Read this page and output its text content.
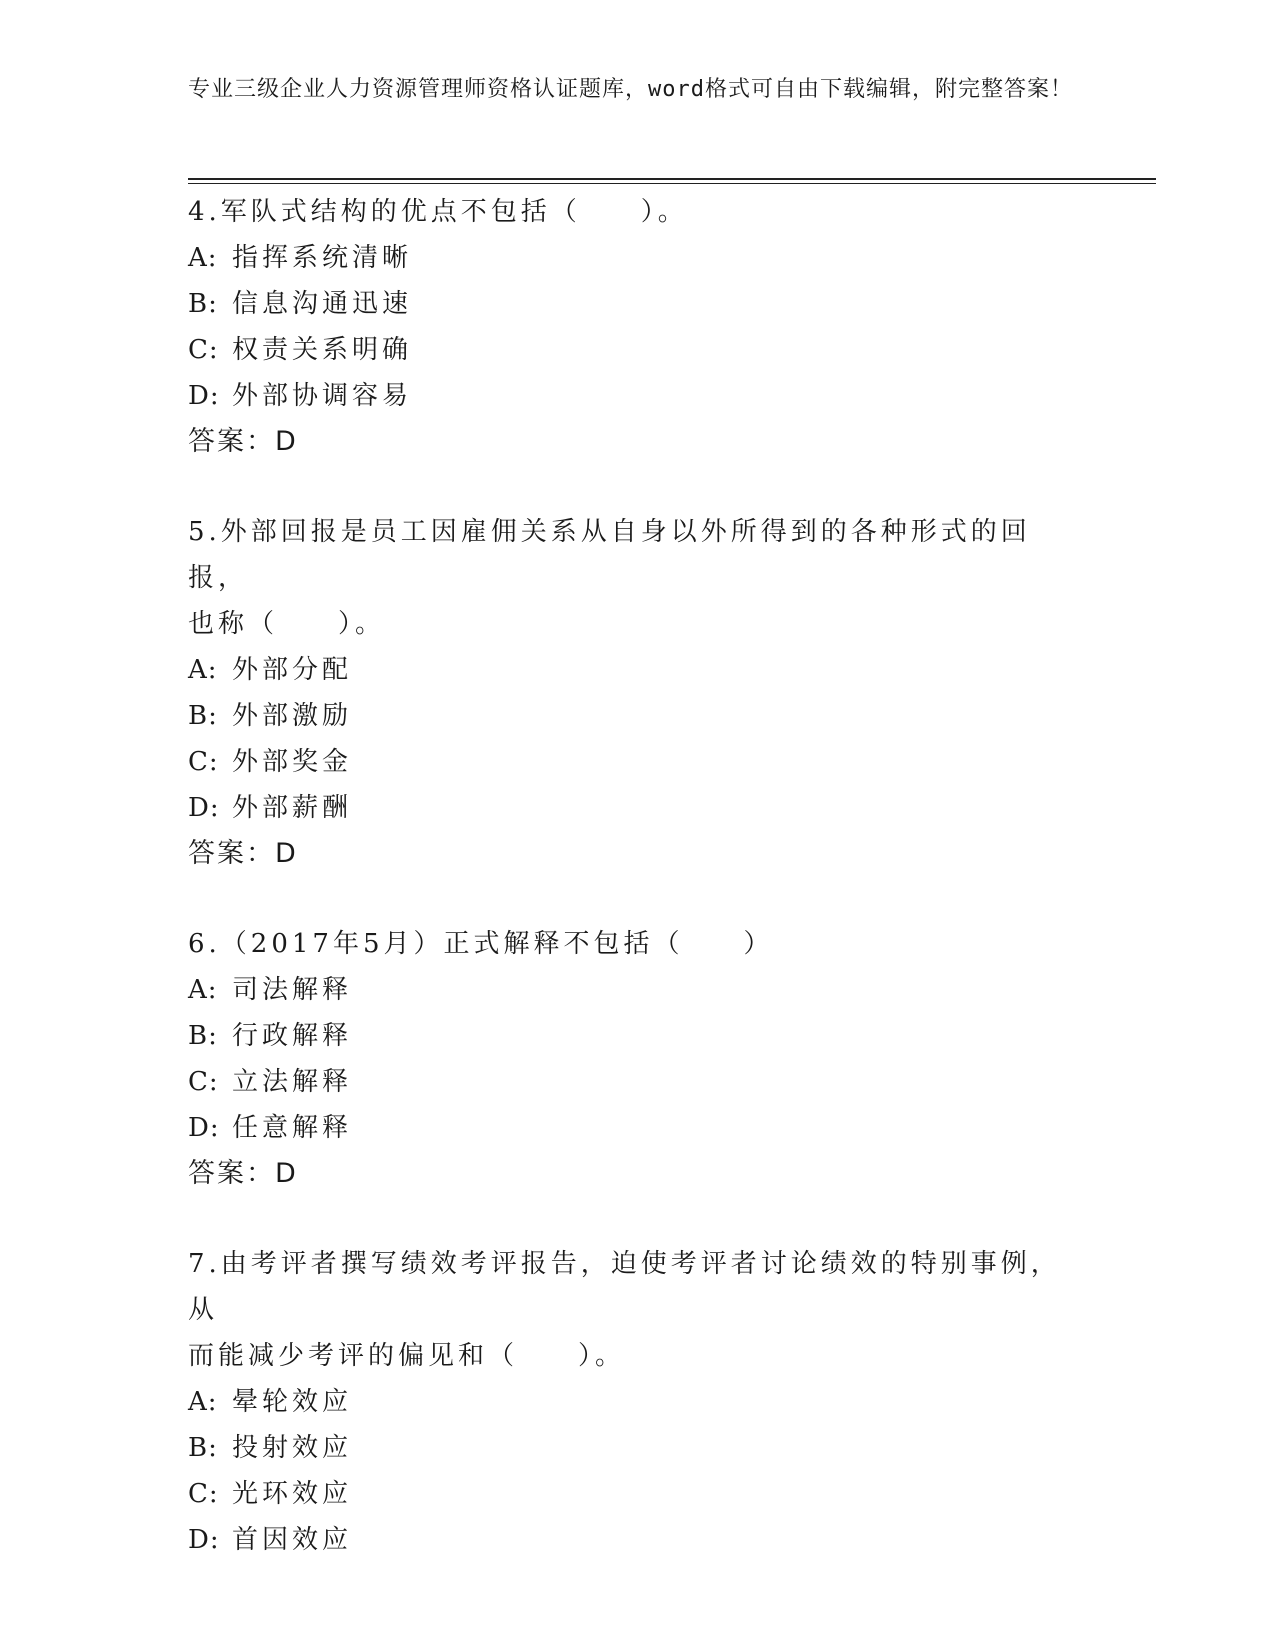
专业三级企业人力资源管理师资格认证题库，word格式可自由下载编辑，附完整答案！
4.军队式结构的优点不包括（　　）。
A: 指挥系统清晰
B: 信息沟通迅速
C: 权责关系明确
D: 外部协调容易
答案：D
5.外部回报是员工因雇佣关系从自身以外所得到的各种形式的回报，
也称（　　）。
A: 外部分配
B: 外部激励
C: 外部奖金
D: 外部薪酬
答案：D
6.（2017年5月）正式解释不包括（　　）
A: 司法解释
B: 行政解释
C: 立法解释
D: 任意解释
答案：D
7.由考评者撰写绩效考评报告，迫使考评者讨论绩效的特别事例，从
而能减少考评的偏见和（　　）。
A: 晕轮效应
B: 投射效应
C: 光环效应
D: 首因效应
